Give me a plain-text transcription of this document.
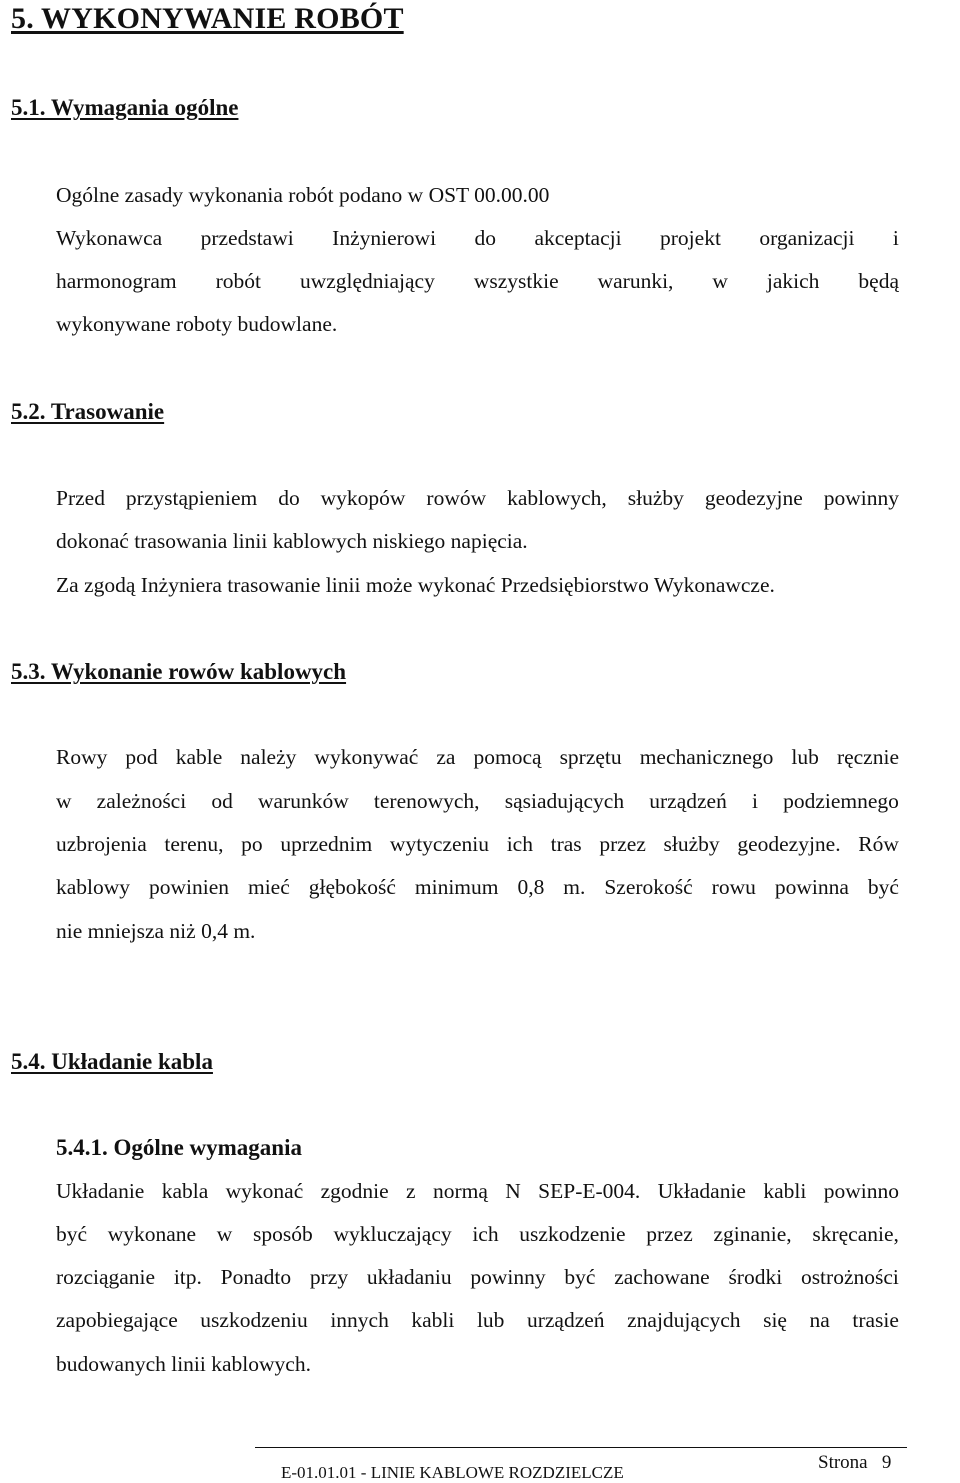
5. WYKONYWANIE ROBÓT
5.1. Wymagania ogólne
Ogólne zasady wykonania robót podano w OST 00.00.00
Wykonawca przedstawi Inżynierowi do akceptacji projekt organizacji i
harmonogram robót uwzględniający wszystkie warunki, w jakich będą
wykonywane roboty budowlane.
5.2. Trasowanie
Przed przystąpieniem do wykopów rowów kablowych, służby geodezyjne powinny
dokonać trasowania linii kablowych niskiego napięcia.
Za zgodą Inżyniera trasowanie linii może wykonać Przedsiębiorstwo Wykonawcze.
5.3. Wykonanie rowów kablowych
Rowy pod kable należy wykonywać za pomocą sprzętu mechanicznego lub ręcznie
w zależności od warunków terenowych, sąsiadujących urządzeń i podziemnego
uzbrojenia terenu, po uprzednim wytyczeniu ich tras przez służby geodezyjne. Rów
kablowy powinien mieć głębokość minimum 0,8 m. Szerokość rowu powinna być
nie mniejsza niż 0,4 m.
5.4. Układanie kabla
5.4.1. Ogólne wymagania
Układanie kabla wykonać zgodnie z normą N SEP-E-004. Układanie kabli powinno
być wykonane w sposób wykluczający ich uszkodzenie przez zginanie, skręcanie,
rozciąganie itp. Ponadto przy układaniu powinny być zachowane środki ostrożności
zapobiegające uszkodzeniu innych kabli lub urządzeń znajdujących się na trasie
budowanych linii kablowych.
E-01.01.01 - LINIE KABLOWE ROZDZIELCZE	Strona 9
